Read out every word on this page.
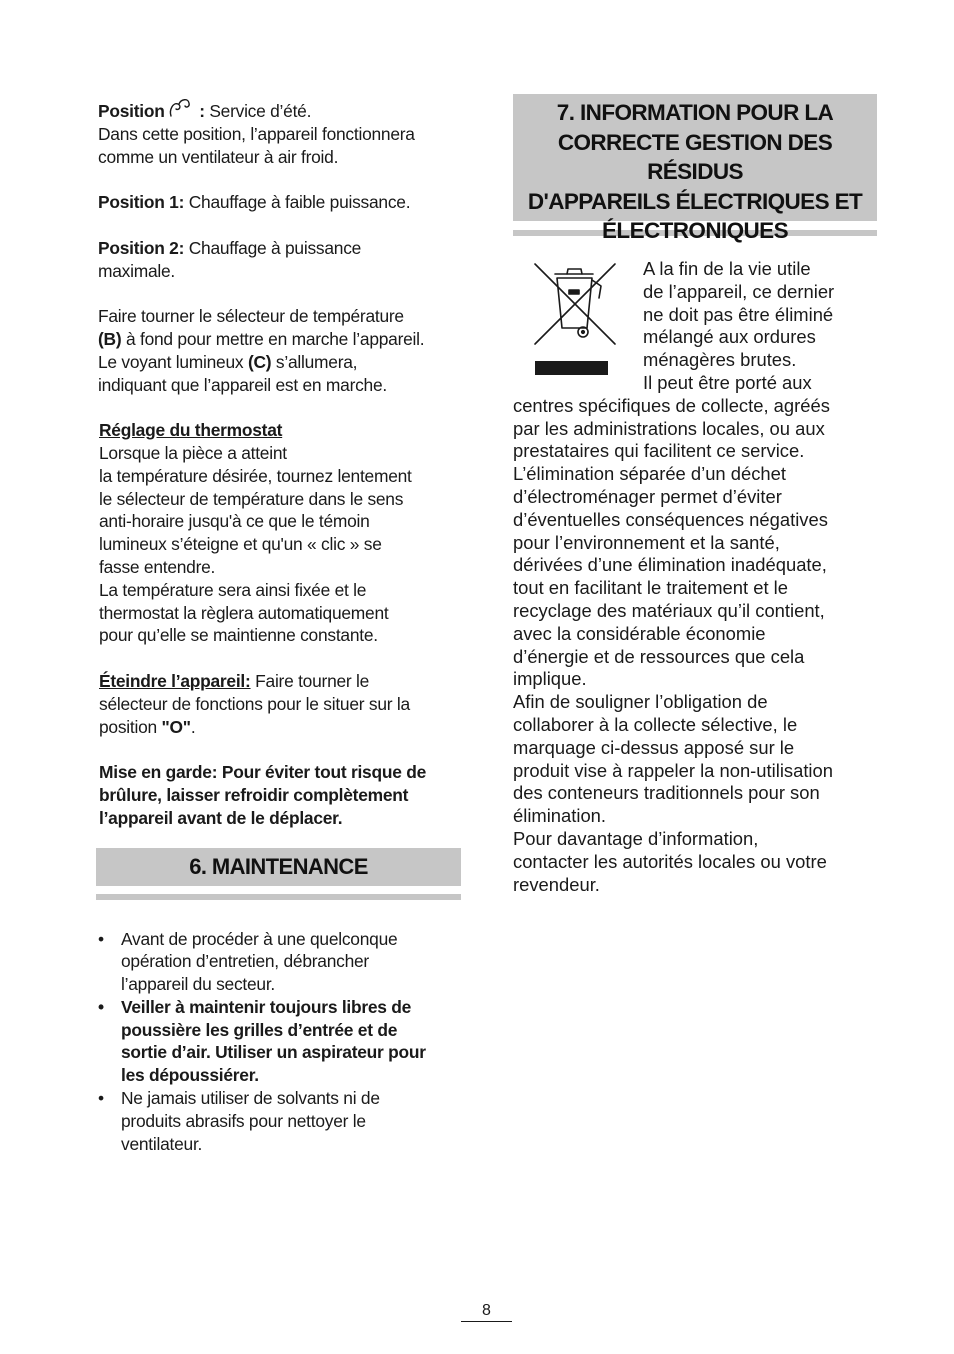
Position : Service d’été.

Dans cette position, l’appareil fonctionnera

comme un ventilateur à air froid.

Position 1: Chauffage à faible puissance.

Position 2: Chauffage à puissance

maximale.

Faire tourner le sélecteur de température

(B) à fond pour mettre en marche l’appareil.

Le voyant lumineux (C) s’allumera,

indiquant que l’appareil est en marche.

Réglage du thermostat

Lorsque la pièce a atteint

la température désirée, tournez lentement

le sélecteur de température dans le sens

anti-horaire jusqu'à ce que le témoin

lumineux s’éteigne et qu'un « clic » se

fasse entendre.

La température sera ainsi fixée et le

thermostat la règlera automatiquement

pour qu’elle se maintienne constante.

Éteindre l’appareil: Faire tourner le

sélecteur de fonctions pour le situer sur la

position "O".

Mise en garde: Pour éviter tout risque de

brûlure, laisser refroidir complètement

l’appareil avant de le déplacer.

6. MAINTENANCE

• Avant de procéder à une quelconque

opération d’entretien, débrancher

l’appareil du secteur.

• Veiller à maintenir toujours libres de

poussière les grilles d’entrée et de

sortie d’air. Utiliser un aspirateur pour

les dépoussiérer.

• Ne jamais utiliser de solvants ni de

produits abrasifs pour nettoyer le

ventilateur.

7. INFORMATION POUR LA
CORRECTE GESTION DES RÉSIDUS
D'APPAREILS ÉLECTRIQUES ET
ÉLECTRONIQUES

A la fin de la vie utile

de l’appareil, ce dernier

ne doit pas être éliminé

mélangé aux ordures

ménagères brutes.

Il peut être porté aux

centres spécifiques de collecte, agréés

par les administrations locales, ou aux

prestataires qui facilitent ce service.

L’élimination séparée d’un déchet

d’électroménager permet d’éviter

d’éventuelles conséquences négatives

pour l’environnement et la santé,

dérivées d’une élimination inadéquate,

tout en facilitant le traitement et le

recyclage des matériaux qu’il contient,

avec la considérable économie

d’énergie et de ressources que cela

implique.

Afin de souligner l’obligation de

collaborer à la collecte sélective, le

marquage ci-dessus apposé sur le

produit vise à rappeler la non-utilisation

des conteneurs traditionnels pour son

élimination.

Pour davantage d’information,

contacter les autorités locales ou votre

revendeur.

8
